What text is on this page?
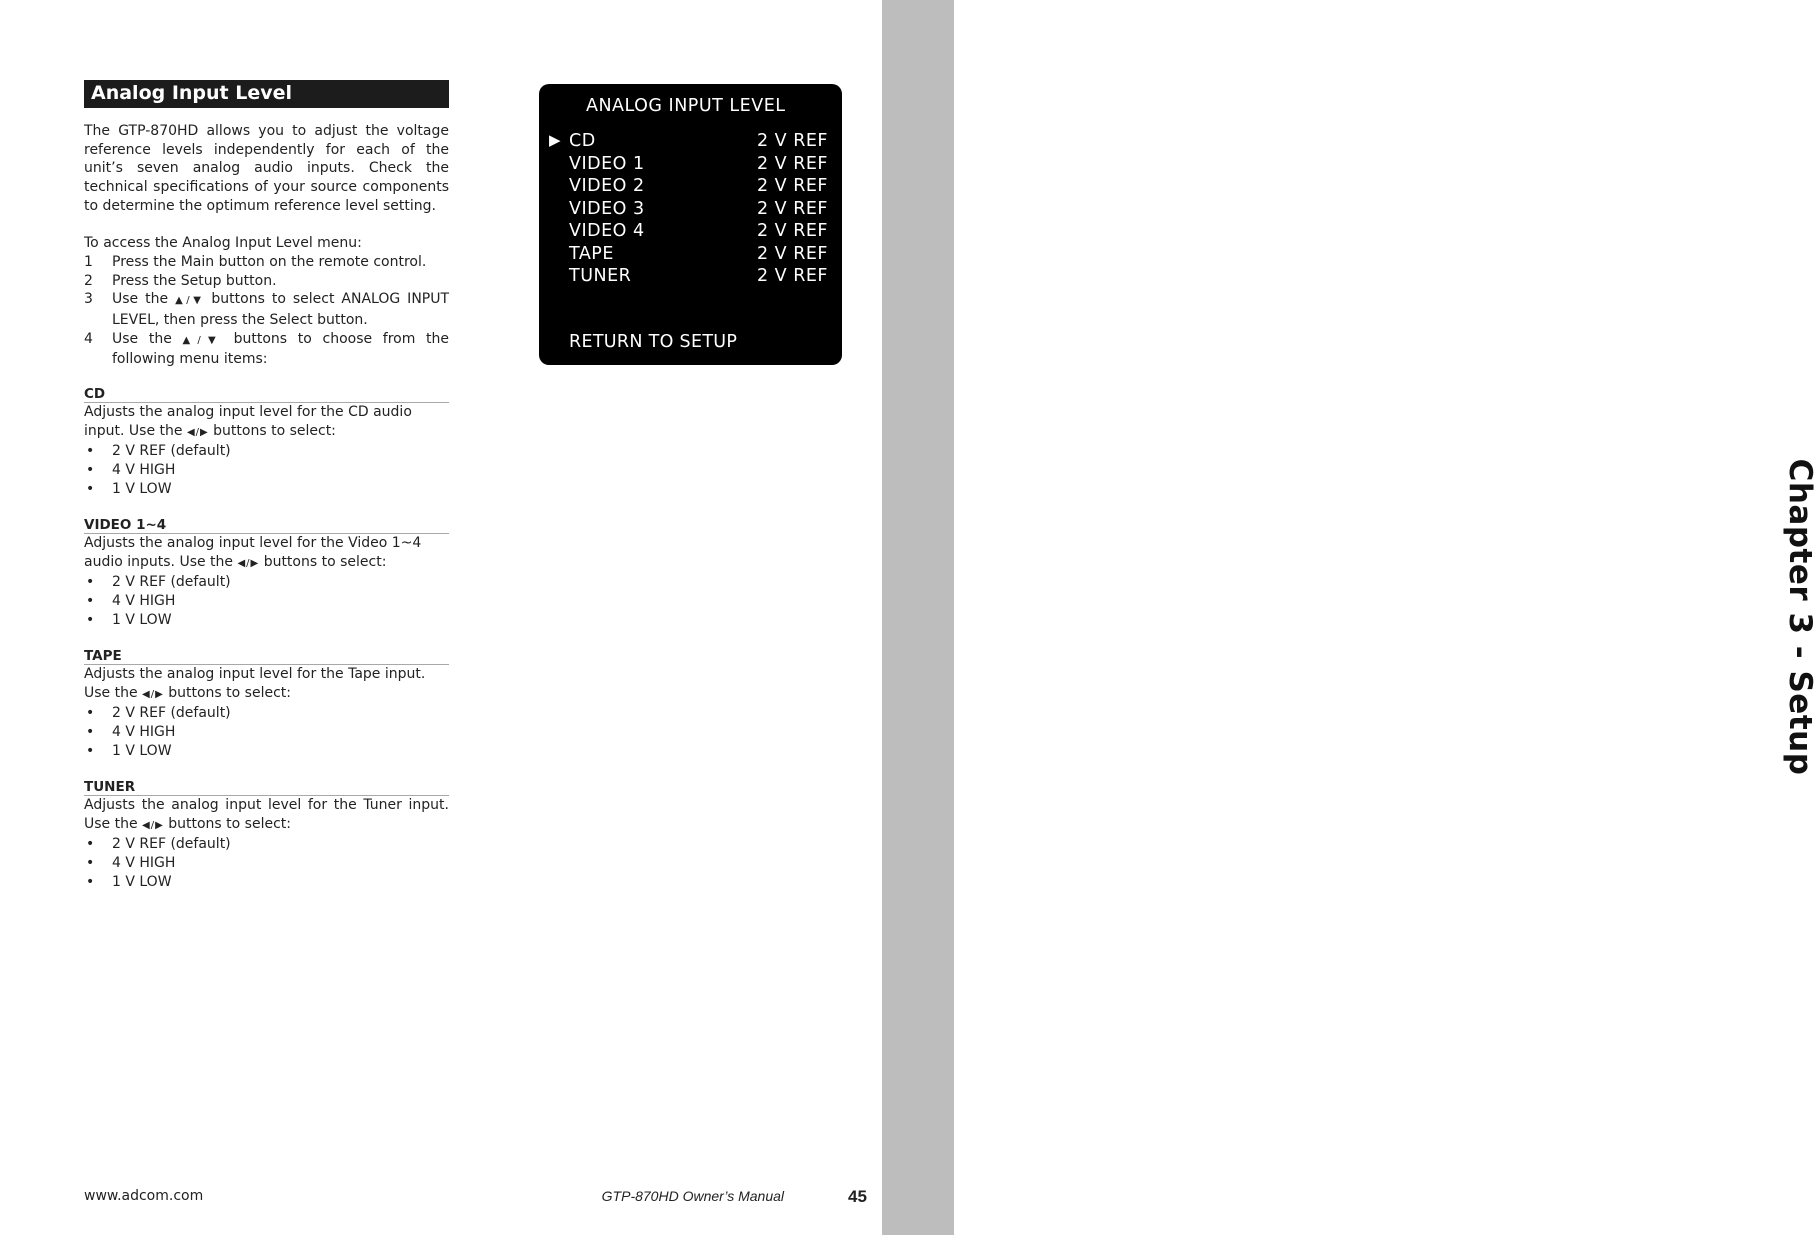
Chapter 3 - Setup
Analog Input Level

The GTP-870HD allows you to adjust the voltage reference levels independently for each of the unit’s seven analog audio inputs. Check the technical specifications of your source components to determine the optimum reference level setting.

To access the Analog Input Level menu:

1	Press the Main button on the remote control.
2	Press the Setup button.
3	Use the ▲/▼ buttons to select ANALOG INPUT LEVEL, then press the Select button.
4	Use the ▲/▼ buttons to choose from the following menu items:

CD

Adjusts the analog input level for the CD audio input. Use the ◀/▶ buttons to select:

•	2 V REF (default)
•	4 V HIGH
•	1 V LOW

VIDEO 1~4

Adjusts the analog input level for the Video 1~4 audio inputs. Use the ◀/▶ buttons to select:

•	2 V REF (default)
•	4 V HIGH
•	1 V LOW

TAPE

Adjusts the analog input level for the Tape input. Use the ◀/▶ buttons to select:

•	2 V REF (default)
•	4 V HIGH
•	1 V LOW

TUNER

Adjusts the analog input level for the Tuner input. Use the ◀/▶ buttons to select:

•	2 V REF (default)
•	4 V HIGH
•	1 V LOW
ANALOG INPUT LEVEL
▶ CD	2 V REF
VIDEO 1	2 V REF
VIDEO 2	2 V REF
VIDEO 3	2 V REF
VIDEO 4	2 V REF
TAPE	2 V REF
TUNER	2 V REF
RETURN TO SETUP
www.adcom.com	GTP-870HD Owner’s Manual	45
